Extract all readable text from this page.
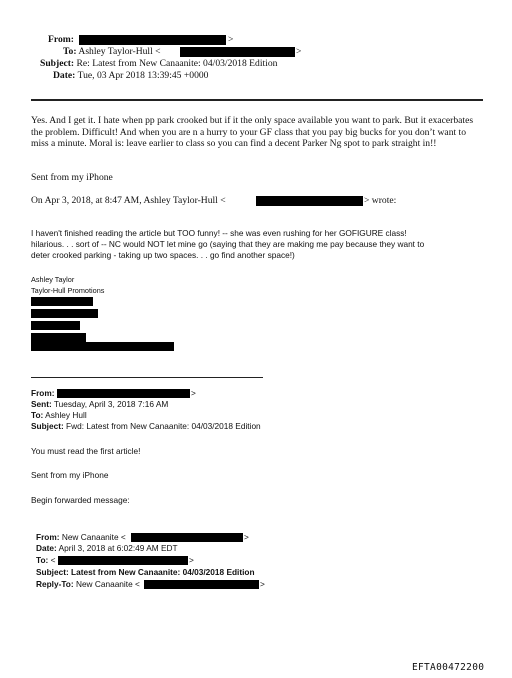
From:	>
To: Ashley Taylor-Hull <	>
Subject: Re: Latest from New Canaanite: 04/03/2018 Edition
Date: Tue, 03 Apr 2018 13:39:45 +0000
Yes. And I get it. I hate when pp park crooked but if it the only space available you want to park. But it exacerbates the problem. Difficult! And when you are n a hurry to your GF class that you pay big bucks for you don’t want to miss a minute. Moral is: leave earlier to class so you can find a decent Parker Ng spot to park straight in!!
Sent from my iPhone
On Apr 3, 2018, at 8:47 AM, Ashley Taylor-Hull <	> wrote:
I haven't finished reading the article but TOO funny! -- she was even rushing for her GOFIGURE class!
hilarious. . . sort of -- NC would NOT let mine go (saying that they are making me pay because they want to
deter crooked parking - taking up two spaces. . . go find another space!)
Ashley Taylor
Taylor-Hull Promotions
From:	>
Sent: Tuesday, April 3, 2018 7:16 AM
To: Ashley Hull
Subject: Fwd: Latest from New Canaanite: 04/03/2018 Edition
You must read the first article!
Sent from my iPhone
Begin forwarded message:
From: New Canaanite <	>
Date: April 3, 2018 at 6:02:49 AM EDT
To: <	>
Subject: Latest from New Canaanite: 04/03/2018 Edition
Reply-To: New Canaanite <	>
EFTA00472200
